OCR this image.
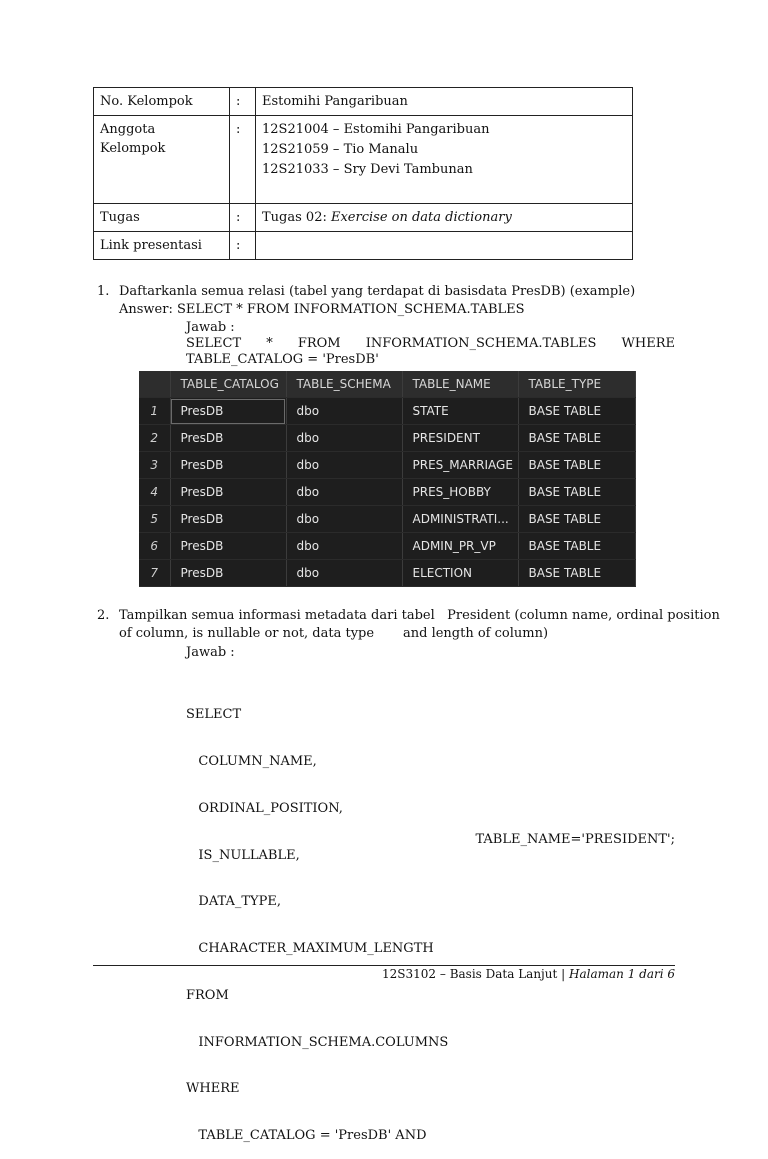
No. Kelompok	:	Estomihi Pangaribuan
Anggota Kelompok	:	12S21004 – Estomihi Pangaribuan
12S21059 – Tio Manalu
12S21033 – Sry Devi Tambunan

Tugas	:	Tugas 02: Exercise on data dictionary
Link presentasi	:	
1. Daftarkanla semua relasi (tabel yang terdapat di basisdata PresDB) (example) Answer: SELECT * FROM INFORMATION_SCHEMA.TABLES
Jawab :
SELECT * FROM INFORMATION_SCHEMA.TABLES WHERE TABLE_CATALOG = 'PresDB'
	TABLE_CATALOG	TABLE_SCHEMA	TABLE_NAME	TABLE_TYPE
1	PresDB	dbo	STATE	BASE TABLE
2	PresDB	dbo	PRESIDENT	BASE TABLE
3	PresDB	dbo	PRES_MARRIAGE	BASE TABLE
4	PresDB	dbo	PRES_HOBBY	BASE TABLE
5	PresDB	dbo	ADMINISTRATI...	BASE TABLE
6	PresDB	dbo	ADMIN_PR_VP	BASE TABLE
7	PresDB	dbo	ELECTION	BASE TABLE
2. Tampilkan semua informasi metadata dari tabel   President (column name, ordinal position
of column, is nullable or not, data type       and length of column)
Jawab :

SELECT

COLUMN_NAME,

ORDINAL_POSITION,

IS_NULLABLE,

DATA_TYPE,

CHARACTER_MAXIMUM_LENGTH

FROM

INFORMATION_SCHEMA.COLUMNS

WHERE

TABLE_CATALOG = 'PresDB' AND

TABLE_NAME='PRESIDENT';
12S3102 – Basis Data Lanjut | Halaman 1 dari 6
